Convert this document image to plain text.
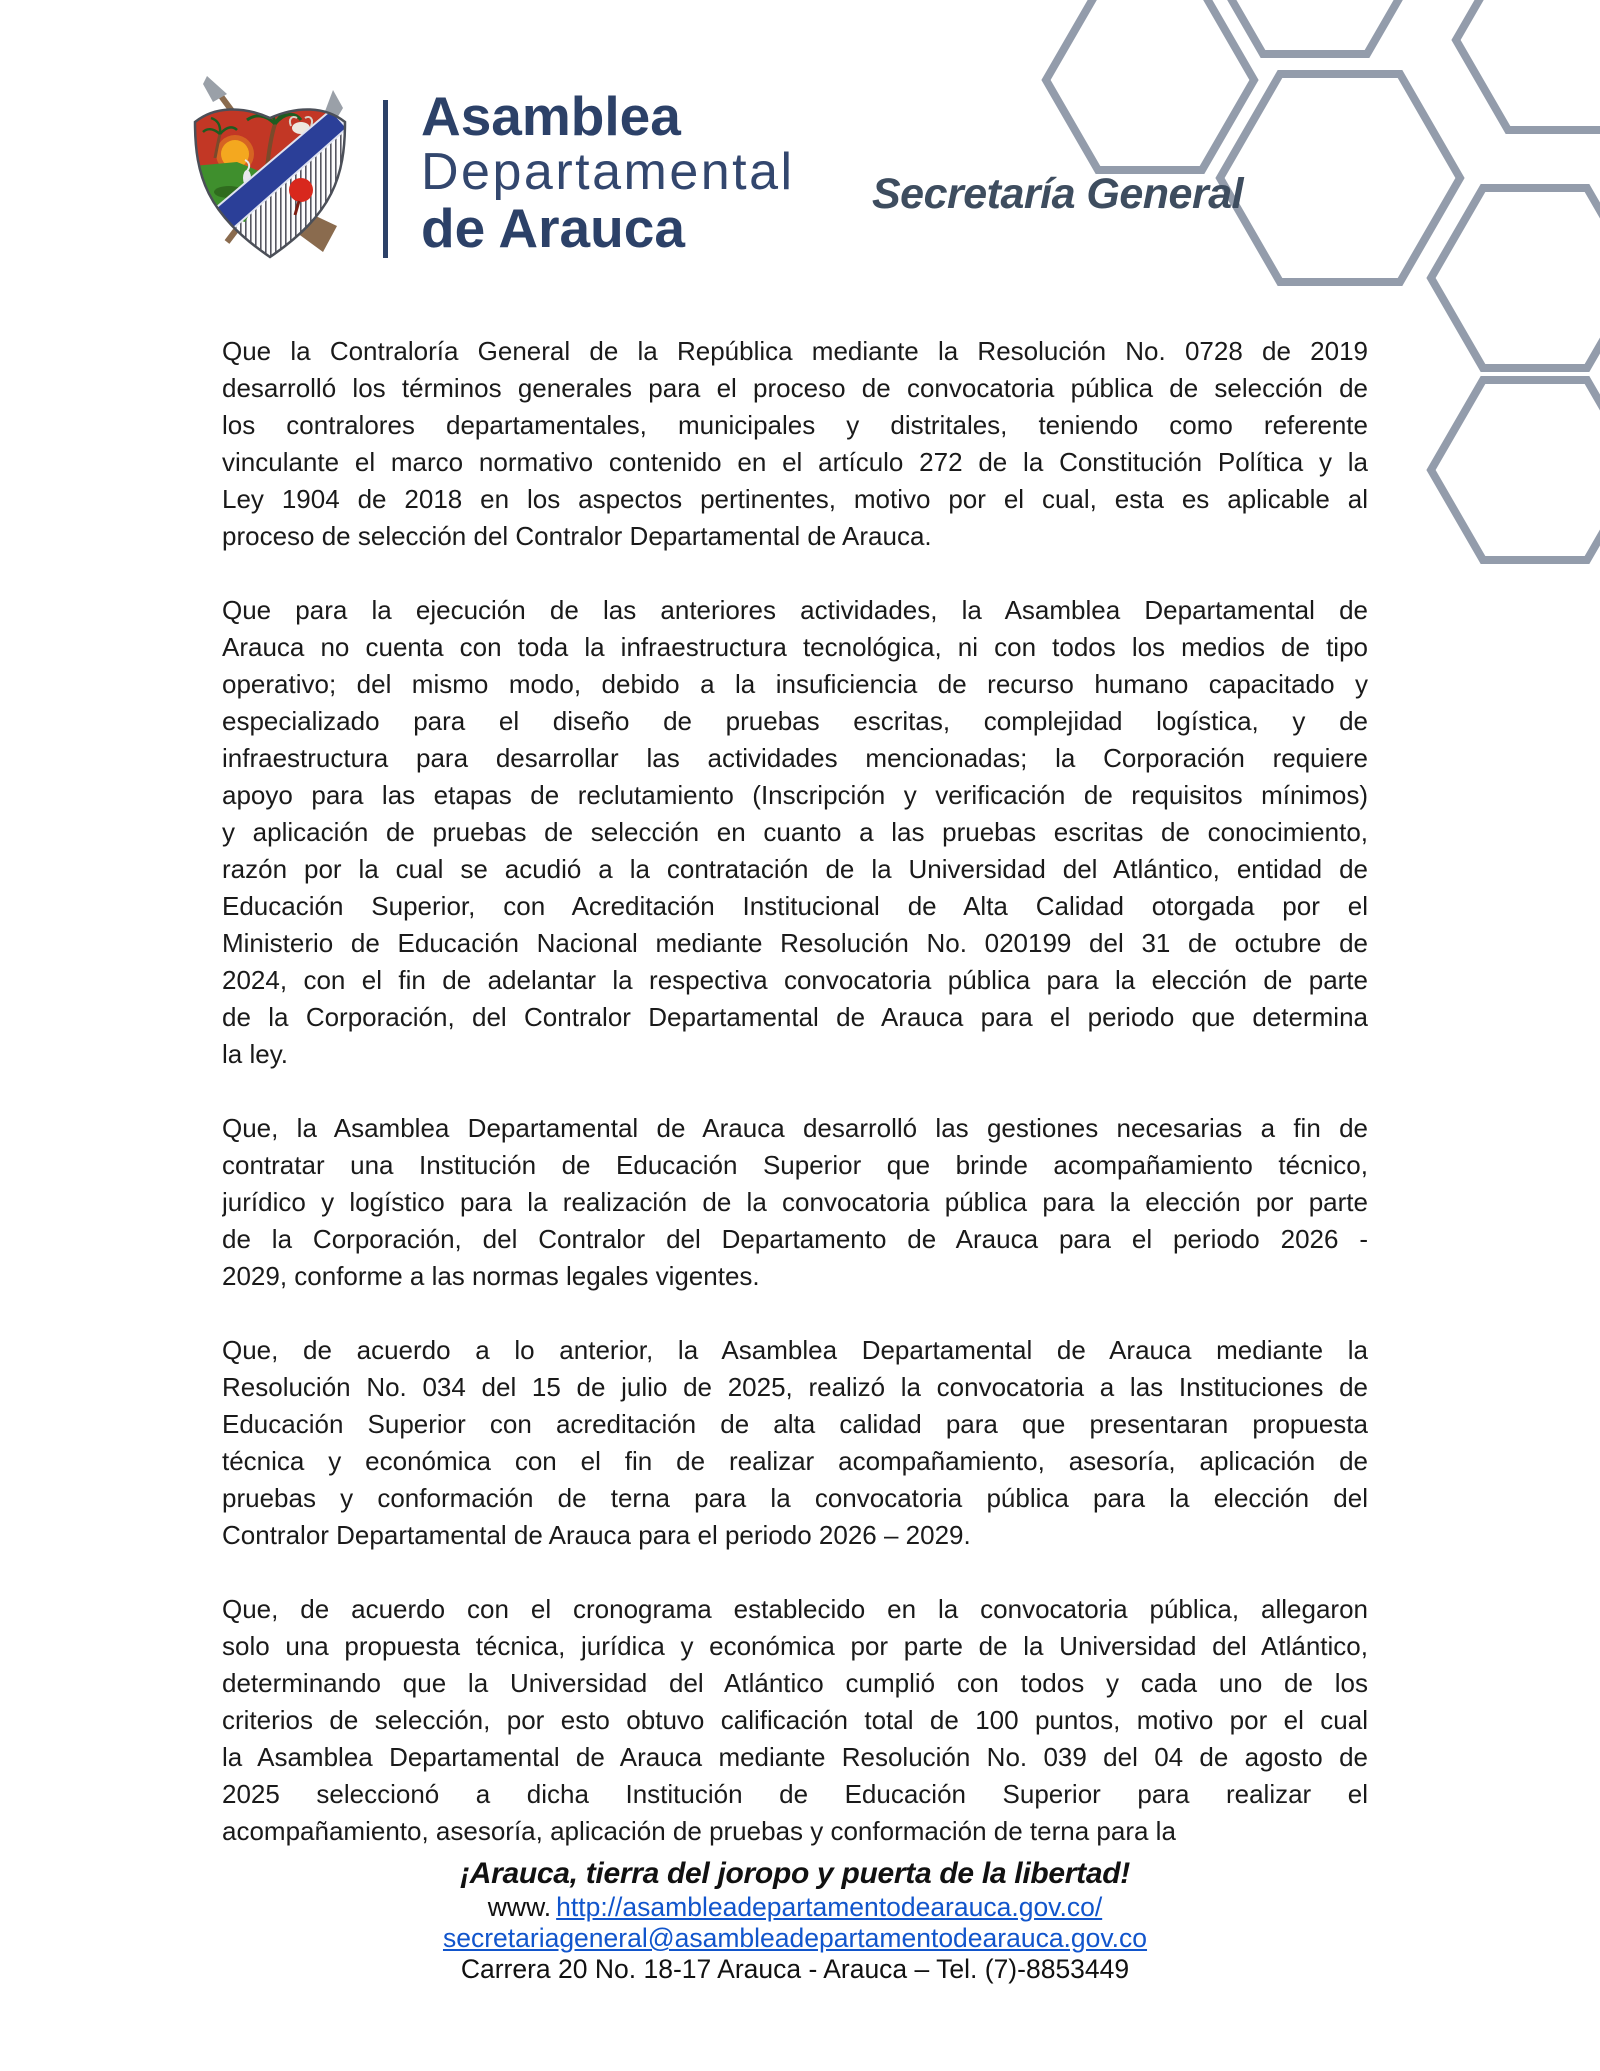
Asamblea
Departamental
de Arauca
Secretaría General
Que la Contraloría General de la República mediante la Resolución No. 0728 de 2019
desarrolló los términos generales para el proceso de convocatoria pública de selección de
los contralores departamentales, municipales y distritales, teniendo como referente
vinculante el marco normativo contenido en el artículo 272 de la Constitución Política y la
Ley 1904 de 2018 en los aspectos pertinentes, motivo por el cual, esta es aplicable al
proceso de selección del Contralor Departamental de Arauca.
Que para la ejecución de las anteriores actividades, la Asamblea Departamental de
Arauca no cuenta con toda la infraestructura tecnológica, ni con todos los medios de tipo
operativo; del mismo modo, debido a la insuficiencia de recurso humano capacitado y
especializado para el diseño de pruebas escritas, complejidad logística, y de
infraestructura para desarrollar las actividades mencionadas; la Corporación requiere
apoyo para las etapas de reclutamiento (Inscripción y verificación de requisitos mínimos)
y aplicación de pruebas de selección en cuanto a las pruebas escritas de conocimiento,
razón por la cual se acudió a la contratación de la Universidad del Atlántico, entidad de
Educación Superior, con Acreditación Institucional de Alta Calidad otorgada por el
Ministerio de Educación Nacional mediante Resolución No. 020199 del 31 de octubre de
2024, con el fin de adelantar la respectiva convocatoria pública para la elección de parte
de la Corporación, del Contralor Departamental de Arauca para el periodo que determina
la ley.
Que, la Asamblea Departamental de Arauca desarrolló las gestiones necesarias a fin de
contratar una Institución de Educación Superior que brinde acompañamiento técnico,
jurídico y logístico para la realización de la convocatoria pública para la elección por parte
de la Corporación, del Contralor del Departamento de Arauca para el periodo 2026 -
2029, conforme a las normas legales vigentes.
Que, de acuerdo a lo anterior, la Asamblea Departamental de Arauca mediante la
Resolución No. 034 del 15 de julio de 2025, realizó la convocatoria a las Instituciones de
Educación Superior con acreditación de alta calidad para que presentaran propuesta
técnica y económica con el fin de realizar acompañamiento, asesoría, aplicación de
pruebas y conformación de terna para la convocatoria pública para la elección del
Contralor Departamental de Arauca para el periodo 2026 – 2029.
Que, de acuerdo con el cronograma establecido en la convocatoria pública, allegaron
solo una propuesta técnica, jurídica y económica por parte de la Universidad del Atlántico,
determinando que la Universidad del Atlántico cumplió con todos y cada uno de los
criterios de selección, por esto obtuvo calificación total de 100 puntos, motivo por el cual
la Asamblea Departamental de Arauca mediante Resolución No. 039 del 04 de agosto de
2025 seleccionó a dicha Institución de Educación Superior para realizar el
acompañamiento, asesoría, aplicación de pruebas y conformación de terna para la
¡Arauca, tierra del joropo y puerta de la libertad!
www. http://asambleadepartamentodearauca.gov.co/
secretariageneral@asambleadepartamentodearauca.gov.co
Carrera 20 No. 18-17 Arauca - Arauca – Tel. (7)-8853449
